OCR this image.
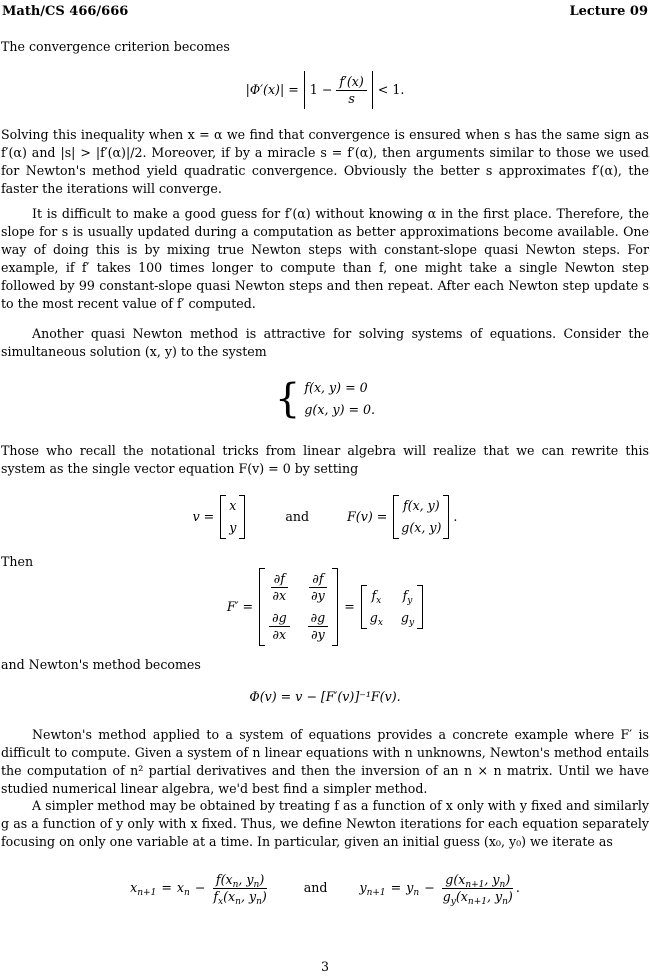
Math/CS 466/666	Lecture 09

The convergence criterion becomes

$|\Phi'(x)| = 1 - \frac{f'(x)}{s} < 1$.

Solving this inequality when x = α we find that convergence is ensured when s has the same sign as f′(α) and |s| > |f′(α)|/2. Moreover, if by a miracle s = f′(α), then arguments similar to those we used for Newton's method yield quadratic convergence. Obviously the better s approximates f′(α), the faster the iterations will converge.

It is difficult to make a good guess for f′(α) without knowing α in the first place. Therefore, the slope for s is usually updated during a computation as better approximations become available. One way of doing this is by mixing true Newton steps with constant-slope quasi Newton steps. For example, if f′ takes 100 times longer to compute than f, one might take a single Newton step followed by 99 constant-slope quasi Newton steps and then repeat. After each Newton step update s to the most recent value of f′ computed.

Another quasi Newton method is attractive for solving systems of equations. Consider the simultaneous solution (x, y) to the system

{ f(x, y) = 0
g(x, y) = 0.

Those who recall the notational tricks from linear algebra will realize that we can rewrite this system as the single vector equation F(v) = 0 by setting

v =
x
y
and	F(v) =
f(x, y)
g(x, y)
.

Then

F′ =
$\frac{\partial f}{\partial x} \frac{\partial f}{\partial y}$
$\frac{\partial g}{\partial x} \frac{\partial g}{\partial y}$
=
$f_x$ $f_y$
$g_x$ $g_y$

and Newton's method becomes

Φ(v) = v − [F′(v)]⁻¹F(v).

Newton's method applied to a system of equations provides a concrete example where F′ is difficult to compute. Given a system of n linear equations with n unknowns, Newton's method entails the computation of n² partial derivatives and then the inversion of an n × n matrix. Until we have studied numerical linear algebra, we'd best find a simpler method.

A simpler method may be obtained by treating f as a function of x only with y fixed and similarly g as a function of y only with x fixed. Thus, we define Newton iterations for each equation separately focusing on only one variable at a time. In particular, given an initial guess (x₀, y₀) we iterate as

$x_{n+1} = x_n - \frac{f(x_n, y_n)}{f_x(x_n, y_n)}$	and	$y_{n+1} = y_n - \frac{g(x_{n+1}, y_n)}{g_y(x_{n+1}, y_n)}$ .
3
